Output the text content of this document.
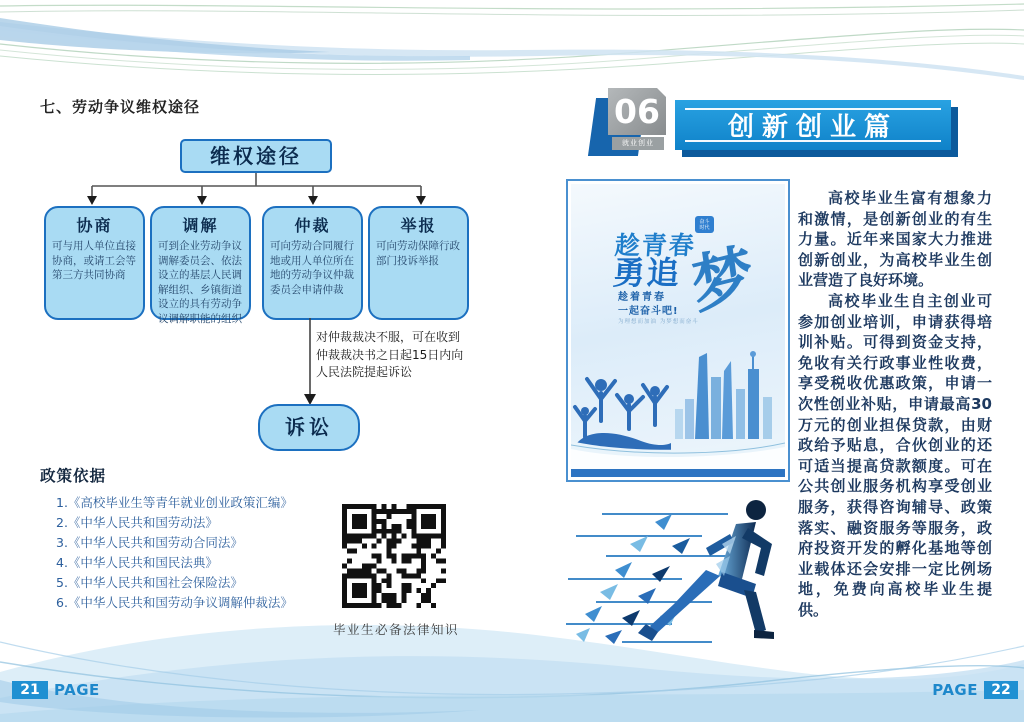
七、劳动争议维权途径
维权途径
协商
可与用人单位直接协商，或请工会等第三方共同协商
调解
可到企业劳动争议调解委员会、依法设立的基层人民调解组织、乡镇街道设立的具有劳动争议调解职能的组织
仲裁
可向劳动合同履行地或用人单位所在地的劳动争议仲裁委员会申请仲裁
举报
可向劳动保障行政部门投诉举报
对仲裁裁决不服，可在收到仲裁裁决书之日起15日内向人民法院提起诉讼
诉讼
政策依据
1.《高校毕业生等青年就业创业政策汇编》
2.《中华人民共和国劳动法》
3.《中华人民共和国劳动合同法》
4.《中华人民共和国民法典》
5.《中华人民共和国社会保险法》
6.《中华人民共和国劳动争议调解仲裁法》
毕业生必备法律知识
21 PAGE
06
就业创业
创新创业篇
奋斗
时代
趁青春
勇追 梦
趁着青春
一起奋斗吧!
为理想而加油 为梦想而奋斗

高校毕业生富有想象力和激情，是创新创业的有生力量。近年来国家大力推进创新创业，为高校毕业生创业营造了良好环境。

高校毕业生自主创业可参加创业培训，申请获得培训补贴。可得到资金支持，免收有关行政事业性收费，享受税收优惠政策，申请一次性创业补贴，申请最高30万元的创业担保贷款，由财政给予贴息，合伙创业的还可适当提高贷款额度。可在公共创业服务机构享受创业服务，获得咨询辅导、政策落实、融资服务等服务，政府投资开发的孵化基地等创业载体还会安排一定比例场地，免费向高校毕业生提供。

PAGE 22
